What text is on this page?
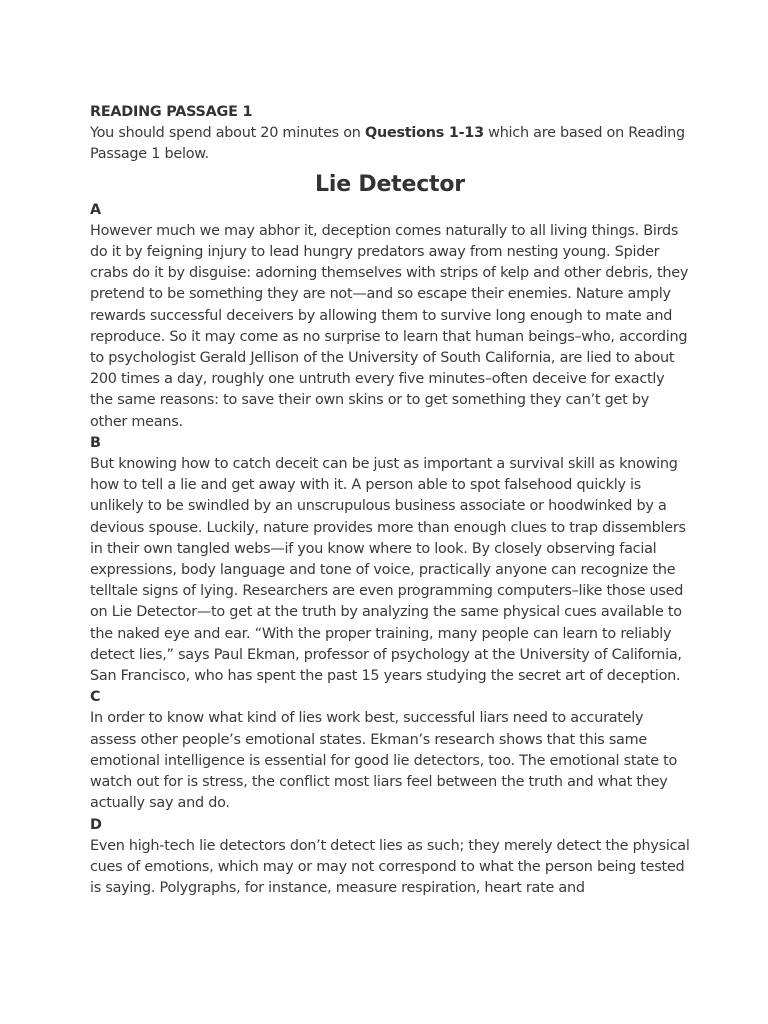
READING PASSAGE 1

You should spend about 20 minutes on Questions 1-13 which are based on Reading Passage 1 below.

Lie Detector

A

However much we may abhor it, deception comes naturally to all living things. Birds do it by feigning injury to lead hungry predators away from nesting young. Spider crabs do it by disguise: adorning themselves with strips of kelp and other debris, they pretend to be something they are not—and so escape their enemies. Nature amply rewards successful deceivers by allowing them to survive long enough to mate and reproduce. So it may come as no surprise to learn that human beings–who, according to psychologist Gerald Jellison of the University of South California, are lied to about 200 times a day, roughly one untruth every five minutes–often deceive for exactly the same reasons: to save their own skins or to get something they can’t get by other means.

B

But knowing how to catch deceit can be just as important a survival skill as knowing how to tell a lie and get away with it. A person able to spot falsehood quickly is unlikely to be swindled by an unscrupulous business associate or hoodwinked by a devious spouse. Luckily, nature provides more than enough clues to trap dissemblers in their own tangled webs—if you know where to look. By closely observing facial expressions, body language and tone of voice, practically anyone can recognize the telltale signs of lying. Researchers are even programming computers–like those used on Lie Detector—to get at the truth by analyzing the same physical cues available to the naked eye and ear. “With the proper training, many people can learn to reliably detect lies,” says Paul Ekman, professor of psychology at the University of California, San Francisco, who has spent the past 15 years studying the secret art of deception.

C

In order to know what kind of lies work best, successful liars need to accurately assess other people’s emotional states. Ekman’s research shows that this same emotional intelligence is essential for good lie detectors, too. The emotional state to watch out for is stress, the conflict most liars feel between the truth and what they actually say and do.

D

Even high-tech lie detectors don’t detect lies as such; they merely detect the physical cues of emotions, which may or may not correspond to what the person being tested is saying. Polygraphs, for instance, measure respiration, heart rate and
